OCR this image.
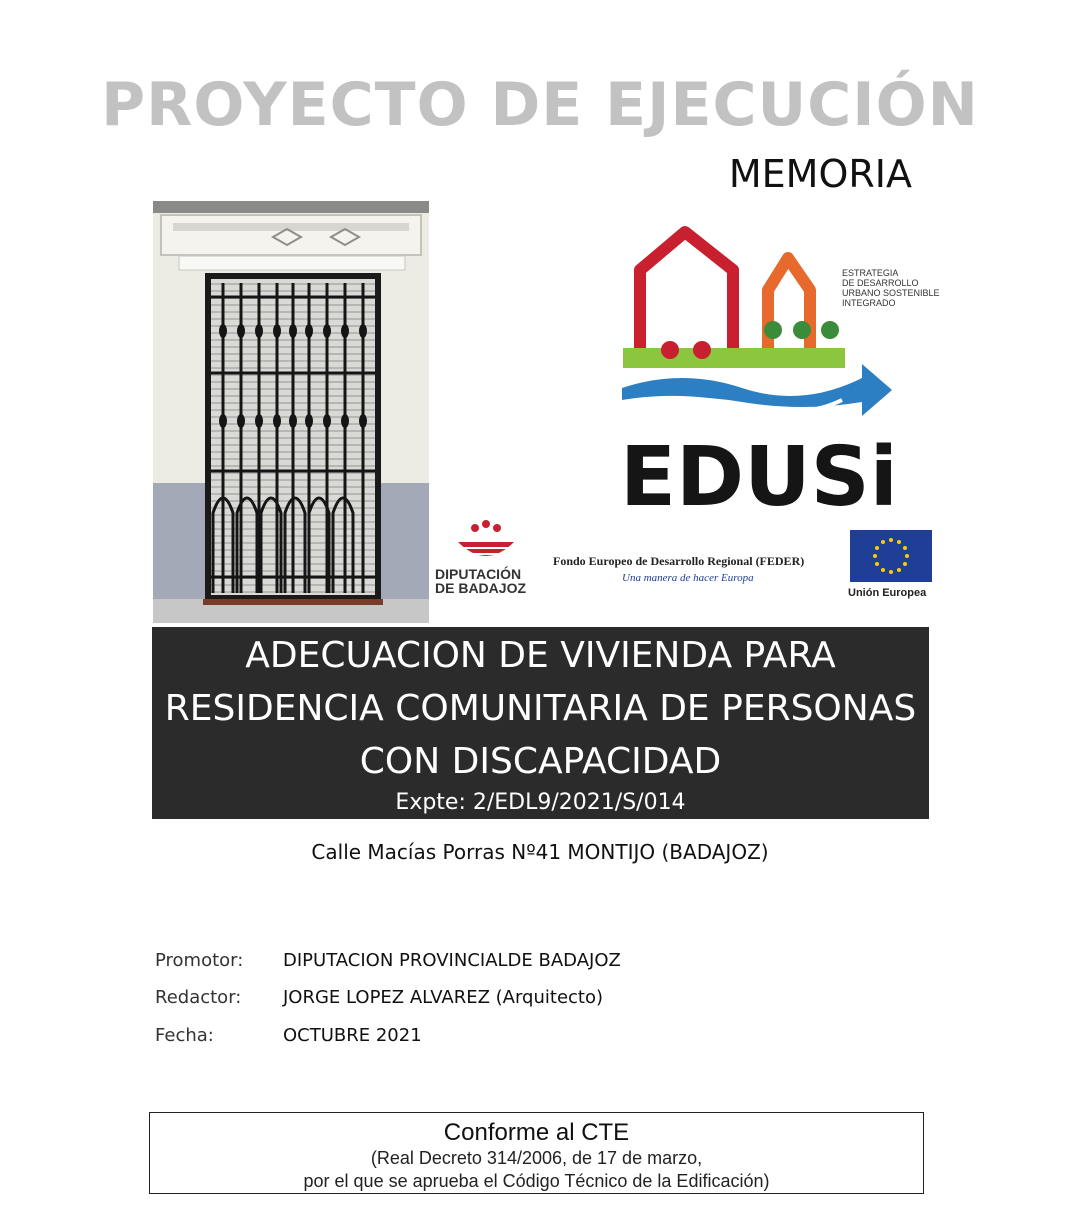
PROYECTO DE EJECUCIÓN
MEMORIA
ESTRATEGIA
DE DESARROLLO
URBANO SOSTENIBLE
INTEGRADO
EDUSi
DIPUTACIÓN
DE BADAJOZ
Fondo Europeo de Desarrollo Regional (FEDER)
Una manera de hacer Europa
Unión Europea
ADECUACION DE VIVIENDA PARA
RESIDENCIA COMUNITARIA DE PERSONAS
CON DISCAPACIDAD
Expte: 2/EDL9/2021/S/014
Calle Macías Porras Nº41 MONTIJO (BADAJOZ)
Promotor: DIPUTACION PROVINCIALDE BADAJOZ
Redactor: JORGE LOPEZ ALVAREZ (Arquitecto)
Fecha:	OCTUBRE 2021
Conforme al CTE
(Real Decreto 314/2006, de 17 de marzo,
por el que se aprueba el Código Técnico de la Edificación)
